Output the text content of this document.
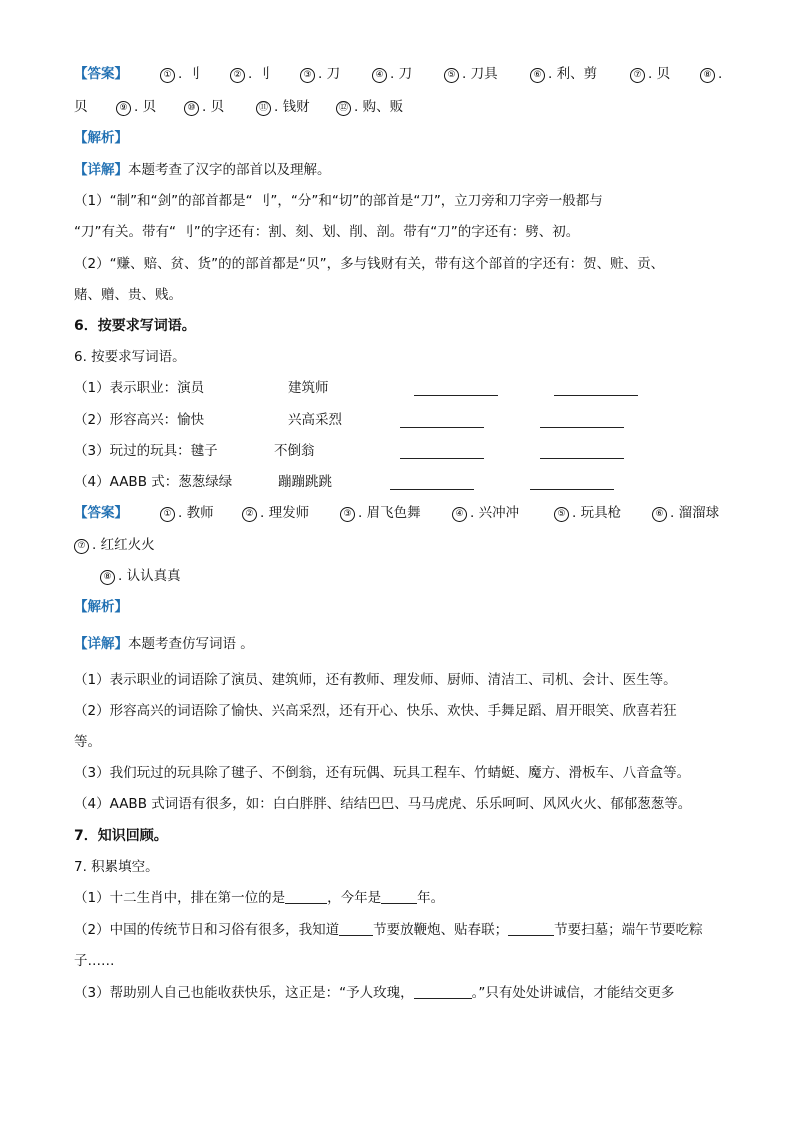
【答案】	① . 刂	② . 刂	③ . 刀	④ . 刀	⑤ . 刀具	⑥ . 利、剪	⑦ . 贝	⑧ .
贝	⑨ . 贝	⑩ . 贝	⑪ . 钱财	⑫ . 购、贩
【解析】
【详解】本题考查了汉字的部首以及理解。
（1）“制”和“剑”的部首都是“ 刂”，“分”和“切”的部首是“刀”，立刀旁和刀字旁一般都与
“刀”有关。带有“ 刂”的字还有：割、刻、划、削、剖。带有“刀”的字还有：劈、初。
（2）“赚、赔、贫、货”的的部首都是“贝”，多与钱财有关，带有这个部首的字还有：贺、赃、贡、
赌、赠、贵、贱。
6．按要求写词语。
6. 按要求写词语。
（1）表示职业：演员	建筑师
（2）形容高兴：愉快	兴高采烈
（3）玩过的玩具：毽子	不倒翁
（4）AABB 式：葱葱绿绿	蹦蹦跳跳
【答案】	① . 教师	② . 理发师	③ . 眉飞色舞	④ . 兴冲冲	⑤ . 玩具枪	⑥ . 溜溜球
⑦ . 红红火火
⑧ . 认认真真
【解析】
【详解】本题考查仿写词语 。
（1）表示职业的词语除了演员、建筑师，还有教师、理发师、厨师、清洁工、司机、会计、医生等。
（2）形容高兴的词语除了愉快、兴高采烈，还有开心、快乐、欢快、手舞足蹈、眉开眼笑、欣喜若狂
等。
（3）我们玩过的玩具除了毽子、不倒翁，还有玩偶、玩具工程车、竹蜻蜓、魔方、滑板车、八音盒等。
（4）AABB 式词语有很多，如：白白胖胖、结结巴巴、马马虎虎、乐乐呵呵、风风火火、郁郁葱葱等。
7．知识回顾。
7. 积累填空。
（1）十二生肖中，排在第一位的是	，今年是	年。
（2）中国的传统节日和习俗有很多，我知道	节要放鞭炮、贴春联；	节要扫墓；端午节要吃粽
子……
（3）帮助别人自己也能收获快乐，这正是：“予人玫瑰，	。”只有处处讲诚信，才能结交更多
